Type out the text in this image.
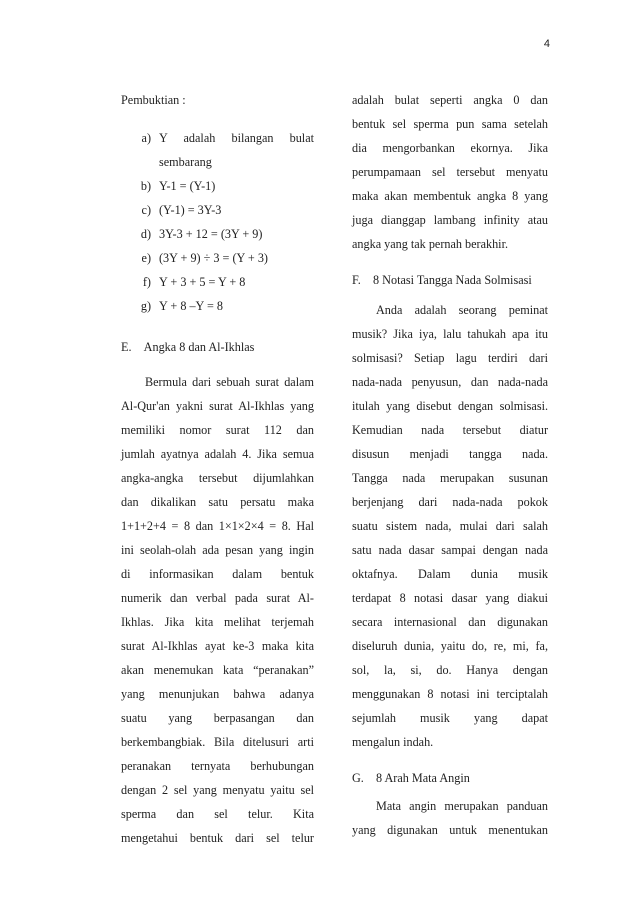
4
Pembuktian :
a) Y adalah bilangan bulat
sembarang
b) Y-1 = (Y-1)
c) (Y-1) = 3Y-3
d) 3Y-3 + 12 = (3Y + 9)
e) (3Y + 9) ÷ 3 = (Y + 3)
f) Y + 3 + 5 = Y + 8
g) Y + 8 –Y = 8
E. Angka 8 dan Al-Ikhlas
Bermula dari sebuah surat dalam
Al-Qur'an yakni surat Al-Ikhlas yang
memiliki nomor surat 112 dan
jumlah ayatnya adalah 4. Jika semua
angka-angka tersebut dijumlahkan
dan dikalikan satu persatu maka
1+1+2+4 = 8 dan 1×1×2×4 = 8. Hal
ini seolah-olah ada pesan yang ingin
di informasikan dalam bentuk
numerik dan verbal pada surat Al-
Ikhlas. Jika kita melihat terjemah
surat Al-Ikhlas ayat ke-3 maka kita
akan menemukan kata “peranakan”
yang menunjukan bahwa adanya
suatu yang berpasangan dan
berkembangbiak. Bila ditelusuri arti
peranakan ternyata berhubungan
dengan 2 sel yang menyatu yaitu sel
sperma dan sel telur. Kita
mengetahui bentuk dari sel telur
adalah bulat seperti angka 0 dan
bentuk sel sperma pun sama setelah
dia mengorbankan ekornya. Jika
perumpamaan sel tersebut menyatu
maka akan membentuk angka 8 yang
juga dianggap lambang infinity atau
angka yang tak pernah berakhir.
F. 8 Notasi Tangga Nada Solmisasi
Anda adalah seorang peminat
musik? Jika iya, lalu tahukah apa itu
solmisasi? Setiap lagu terdiri dari
nada-nada penyusun, dan nada-nada
itulah yang disebut dengan solmisasi.
Kemudian nada tersebut diatur
disusun menjadi tangga nada.
Tangga nada merupakan susunan
berjenjang dari nada-nada pokok
suatu sistem nada, mulai dari salah
satu nada dasar sampai dengan nada
oktafnya. Dalam dunia musik
terdapat 8 notasi dasar yang diakui
secara internasional dan digunakan
diseluruh dunia, yaitu do, re, mi, fa,
sol, la, si, do. Hanya dengan
menggunakan 8 notasi ini terciptalah
sejumlah musik yang dapat
mengalun indah.
G. 8 Arah Mata Angin
Mata angin merupakan panduan
yang digunakan untuk menentukan
